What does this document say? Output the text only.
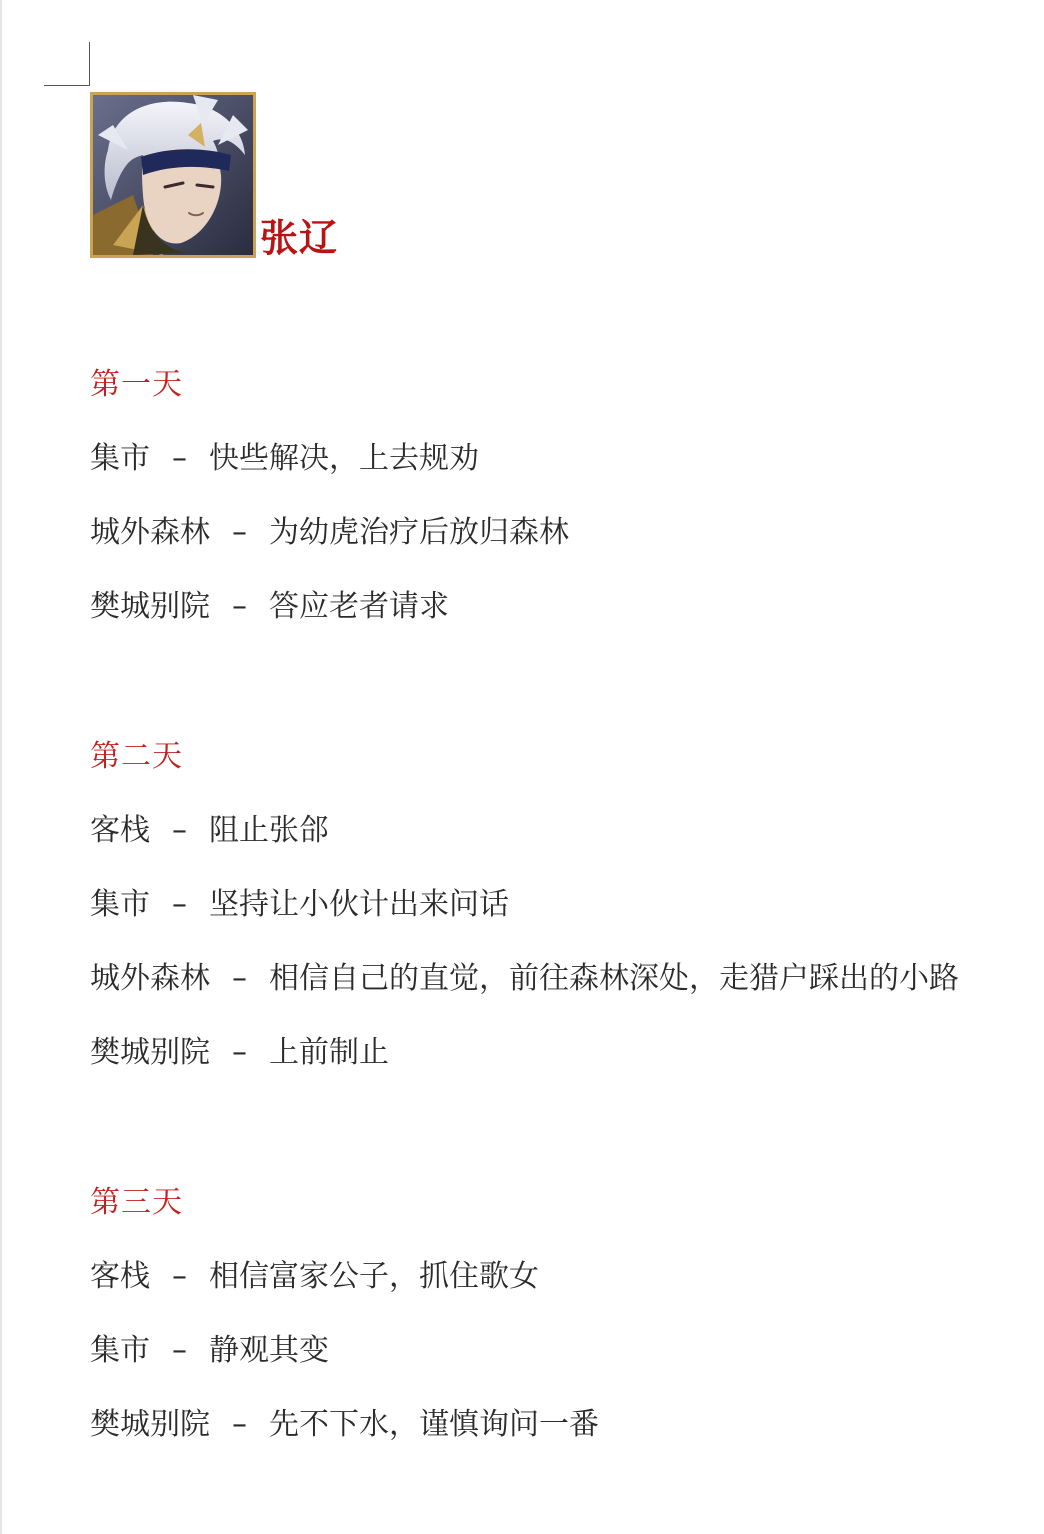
张辽
第一天
集市 – 快些解决，上去规劝
城外森林 – 为幼虎治疗后放归森林
樊城别院 – 答应老者请求
第二天
客栈 – 阻止张郃
集市 – 坚持让小伙计出来问话
城外森林 – 相信自己的直觉，前往森林深处，走猎户踩出的小路
樊城别院 – 上前制止
第三天
客栈 – 相信富家公子，抓住歌女
集市 – 静观其变
樊城别院 – 先不下水，谨慎询问一番
